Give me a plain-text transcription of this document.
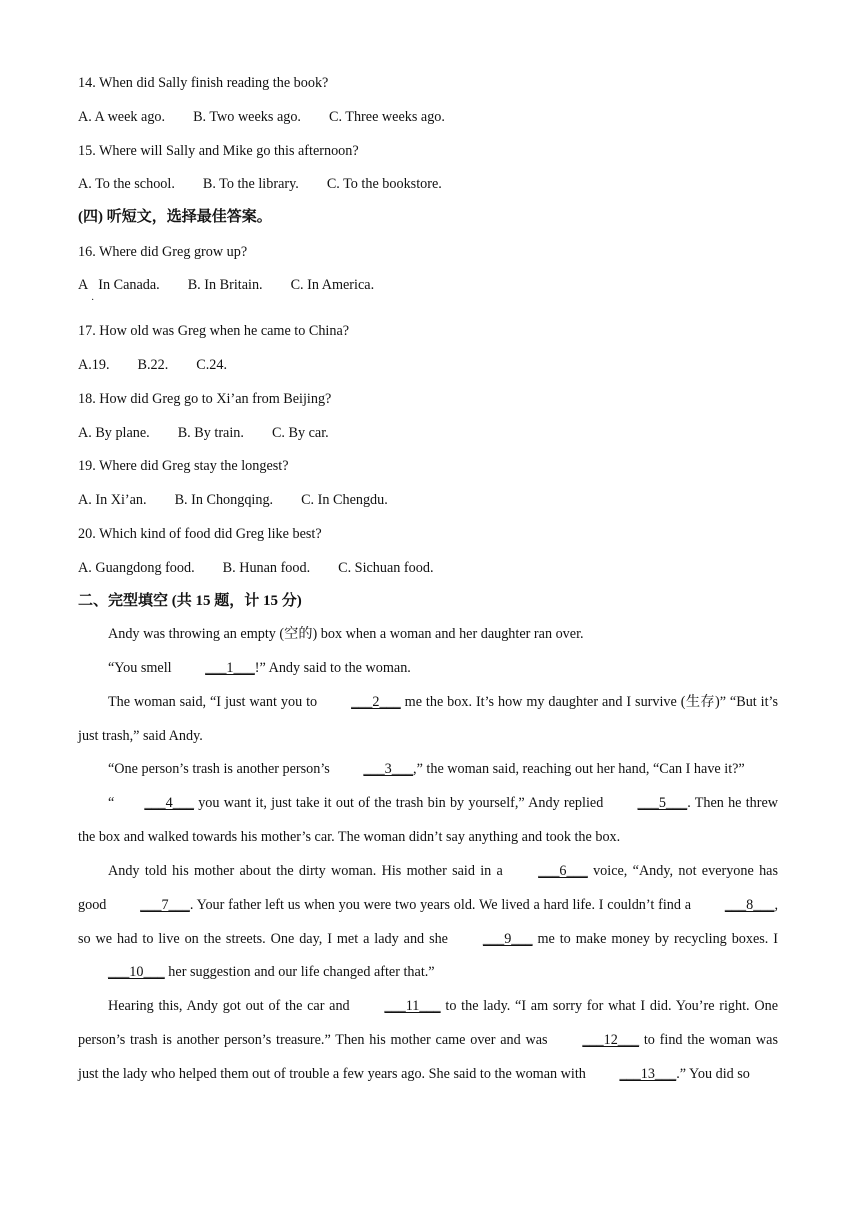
14. When did Sally finish reading the book?
A. A week ago. B. Two weeks ago. C. Three weeks ago.
15. Where will Sally and Mike go this afternoon?
A. To the school. B. To the library. C. To the bookstore.
(四) 听短文，选择最佳答案。
16. Where did Greg grow up?
A In Canada. B. In Britain. C. In America.
·
17. How old was Greg when he came to China?
A.19. B.22. C.24.
18. How did Greg go to Xi’an from Beijing?
A. By plane. B. By train. C. By car.
19. Where did Greg stay the longest?
A. In Xi’an. B. In Chongqing. C. In Chengdu.
20. Which kind of food did Greg like best?
A. Guangdong food. B. Hunan food. C. Sichuan food.
二、完型填空 (共 15 题，计 15 分)
Andy was throwing an empty (空的) box when a woman and her daughter ran over.
“You smell ___1___!” Andy said to the woman.
The woman said, “I just want you to ___2___ me the box. It’s how my daughter and I survive (生存)” “But it’s just trash,” said Andy.
“One person’s trash is another person’s ___3___,” the woman said, reaching out her hand, “Can I have it?”
“ ___4___ you want it, just take it out of the trash bin by yourself,” Andy replied ___5___. Then he threw the box and walked towards his mother’s car. The woman didn’t say anything and took the box.
Andy told his mother about the dirty woman. His mother said in a ___6___ voice, “Andy, not everyone has good ___7___. Your father left us when you were two years old. We lived a hard life. I couldn’t find a ___8___, so we had to live on the streets. One day, I met a lady and she ___9___ me to make money by recycling boxes. I ___10___ her suggestion and our life changed after that.”
Hearing this, Andy got out of the car and ___11___ to the lady. “I am sorry for what I did. You’re right. One person’s trash is another person’s treasure.” Then his mother came over and was ___12___ to find the woman was just the lady who helped them out of trouble a few years ago. She said to the woman with ___13___.” You did so
